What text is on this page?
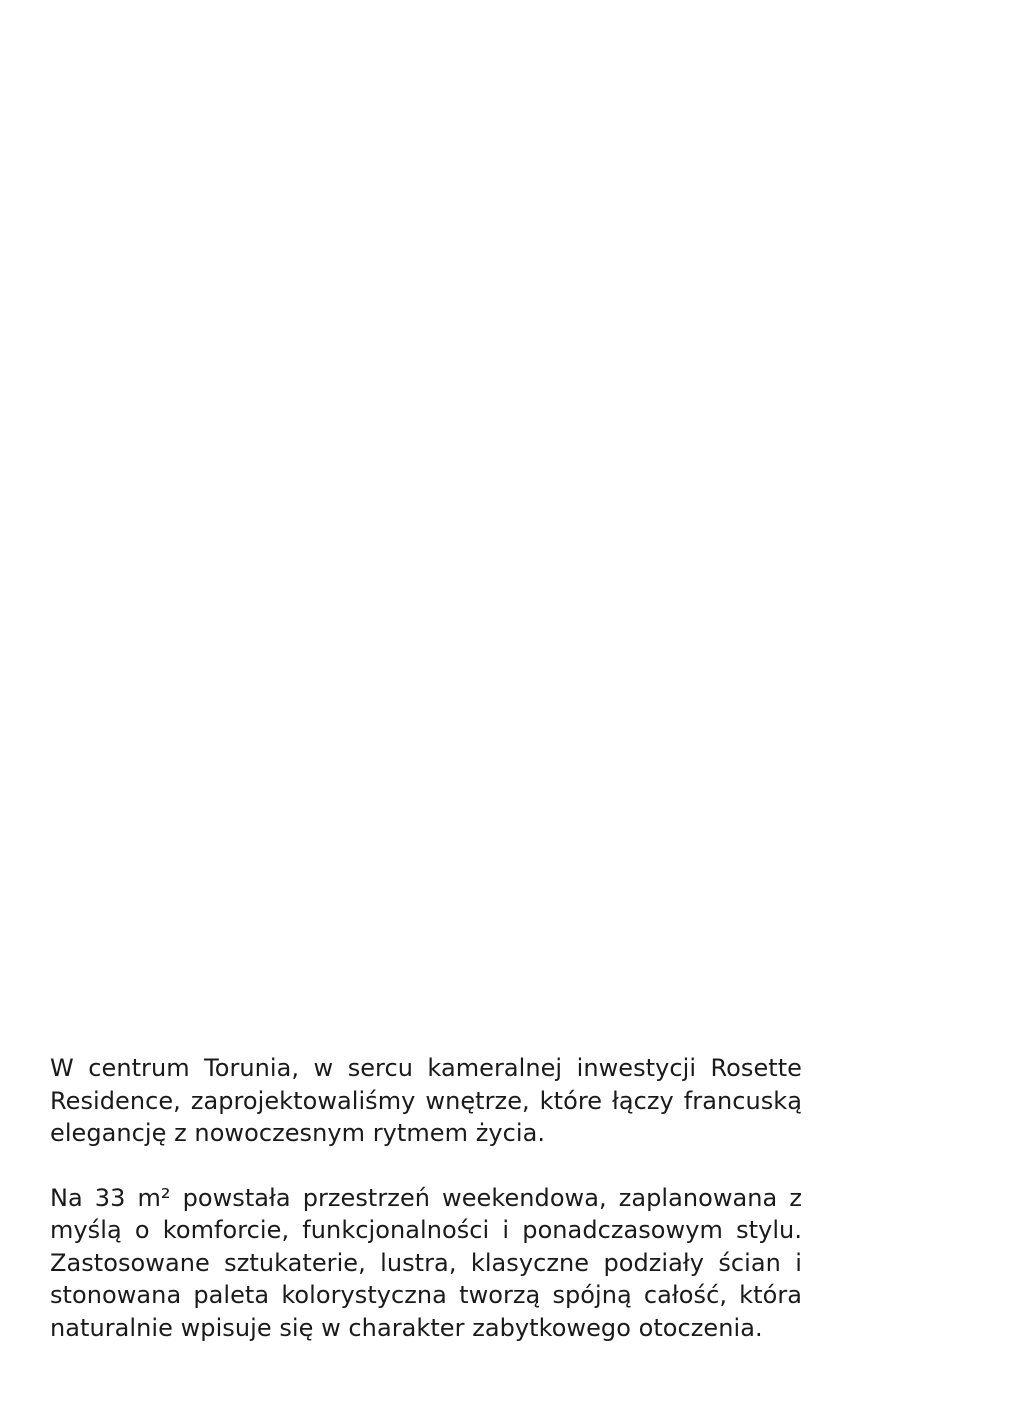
W centrum Torunia, w sercu kameralnej inwestycji Rosette Residence, zaprojektowaliśmy wnętrze, które łączy francuską elegancję z nowoczesnym rytmem życia.

Na 33 m² powstała przestrzeń weekendowa, zaplanowana z myślą o komforcie, funkcjonalności i ponadczasowym stylu. Zastosowane sztukaterie, lustra, klasyczne podziały ścian i stonowana paleta kolorystyczna tworzą spójną całość, która naturalnie wpisuje się w charakter zabytkowego otoczenia.
